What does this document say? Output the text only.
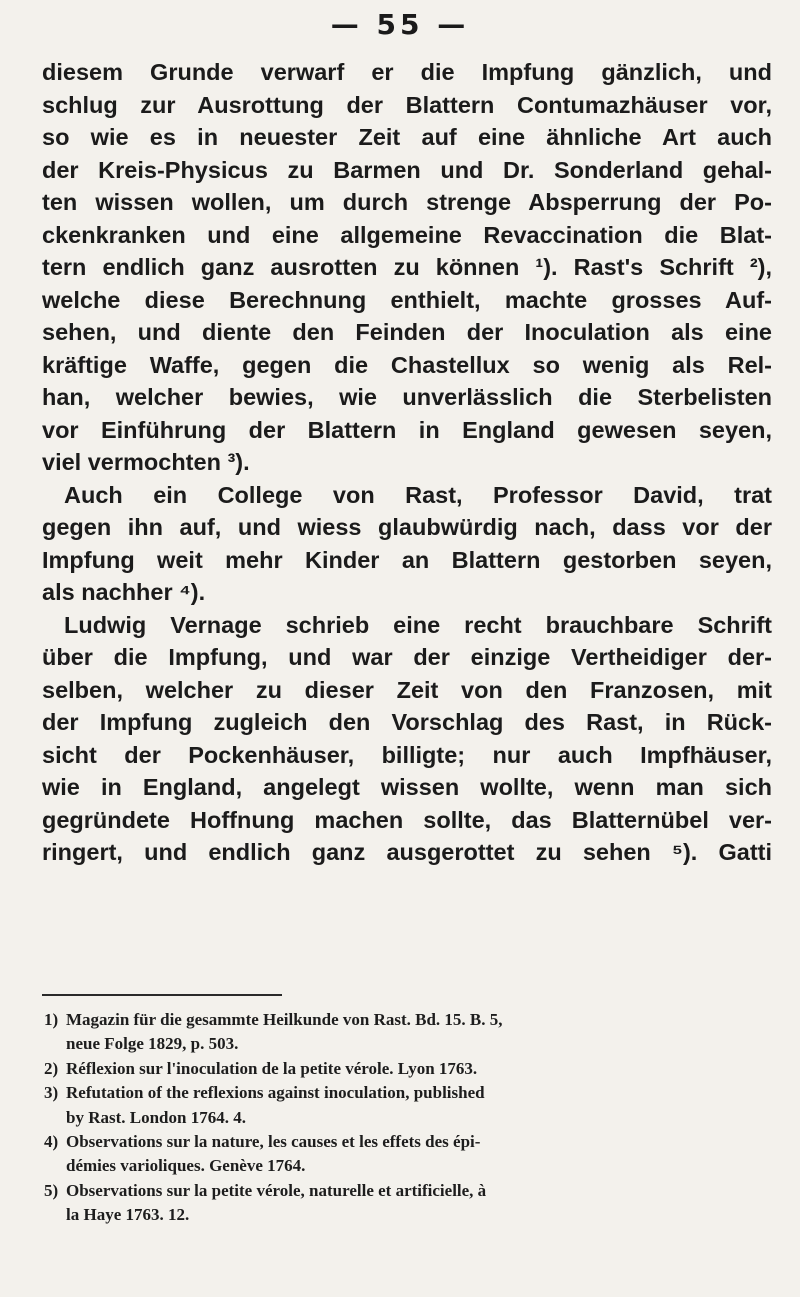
— 55 —
diesem Grunde verwarf er die Impfung gänzlich, und
schlug zur Ausrottung der Blattern Contumazhäuser vor,
so wie es in neuester Zeit auf eine ähnliche Art auch
der Kreis-Physicus zu Barmen und Dr. Sonderland gehal-
ten wissen wollen, um durch strenge Absperrung der Po-
ckenkranken und eine allgemeine Revaccination die Blat-
tern endlich ganz ausrotten zu können ¹). Rast's Schrift ²),
welche diese Berechnung enthielt, machte grosses Auf-
sehen, und diente den Feinden der Inoculation als eine
kräftige Waffe, gegen die Chastellux so wenig als Rel-
han, welcher bewies, wie unverlässlich die Sterbelisten
vor Einführung der Blattern in England gewesen seyen,
viel vermochten ³).
Auch ein College von Rast, Professor David, trat
gegen ihn auf, und wiess glaubwürdig nach, dass vor der
Impfung weit mehr Kinder an Blattern gestorben seyen,
als nachher ⁴).
Ludwig Vernage schrieb eine recht brauchbare Schrift
über die Impfung, und war der einzige Vertheidiger der-
selben, welcher zu dieser Zeit von den Franzosen, mit
der Impfung zugleich den Vorschlag des Rast, in Rück-
sicht der Pockenhäuser, billigte; nur auch Impfhäuser,
wie in England, angelegt wissen wollte, wenn man sich
gegründete Hoffnung machen sollte, das Blatternübel ver-
ringert, und endlich ganz ausgerottet zu sehen ⁵). Gatti
1) Magazin für die gesammte Heilkunde von Rast. Bd. 15. B. 5,
neue Folge 1829, p. 503.
2) Réflexion sur l'inoculation de la petite vérole. Lyon 1763.
3) Refutation of the reflexions against inoculation, published
by Rast. London 1764. 4.
4) Observations sur la nature, les causes et les effets des épi-
démies varioliques. Genève 1764.
5) Observations sur la petite vérole, naturelle et artificielle, à
la Haye 1763. 12.
